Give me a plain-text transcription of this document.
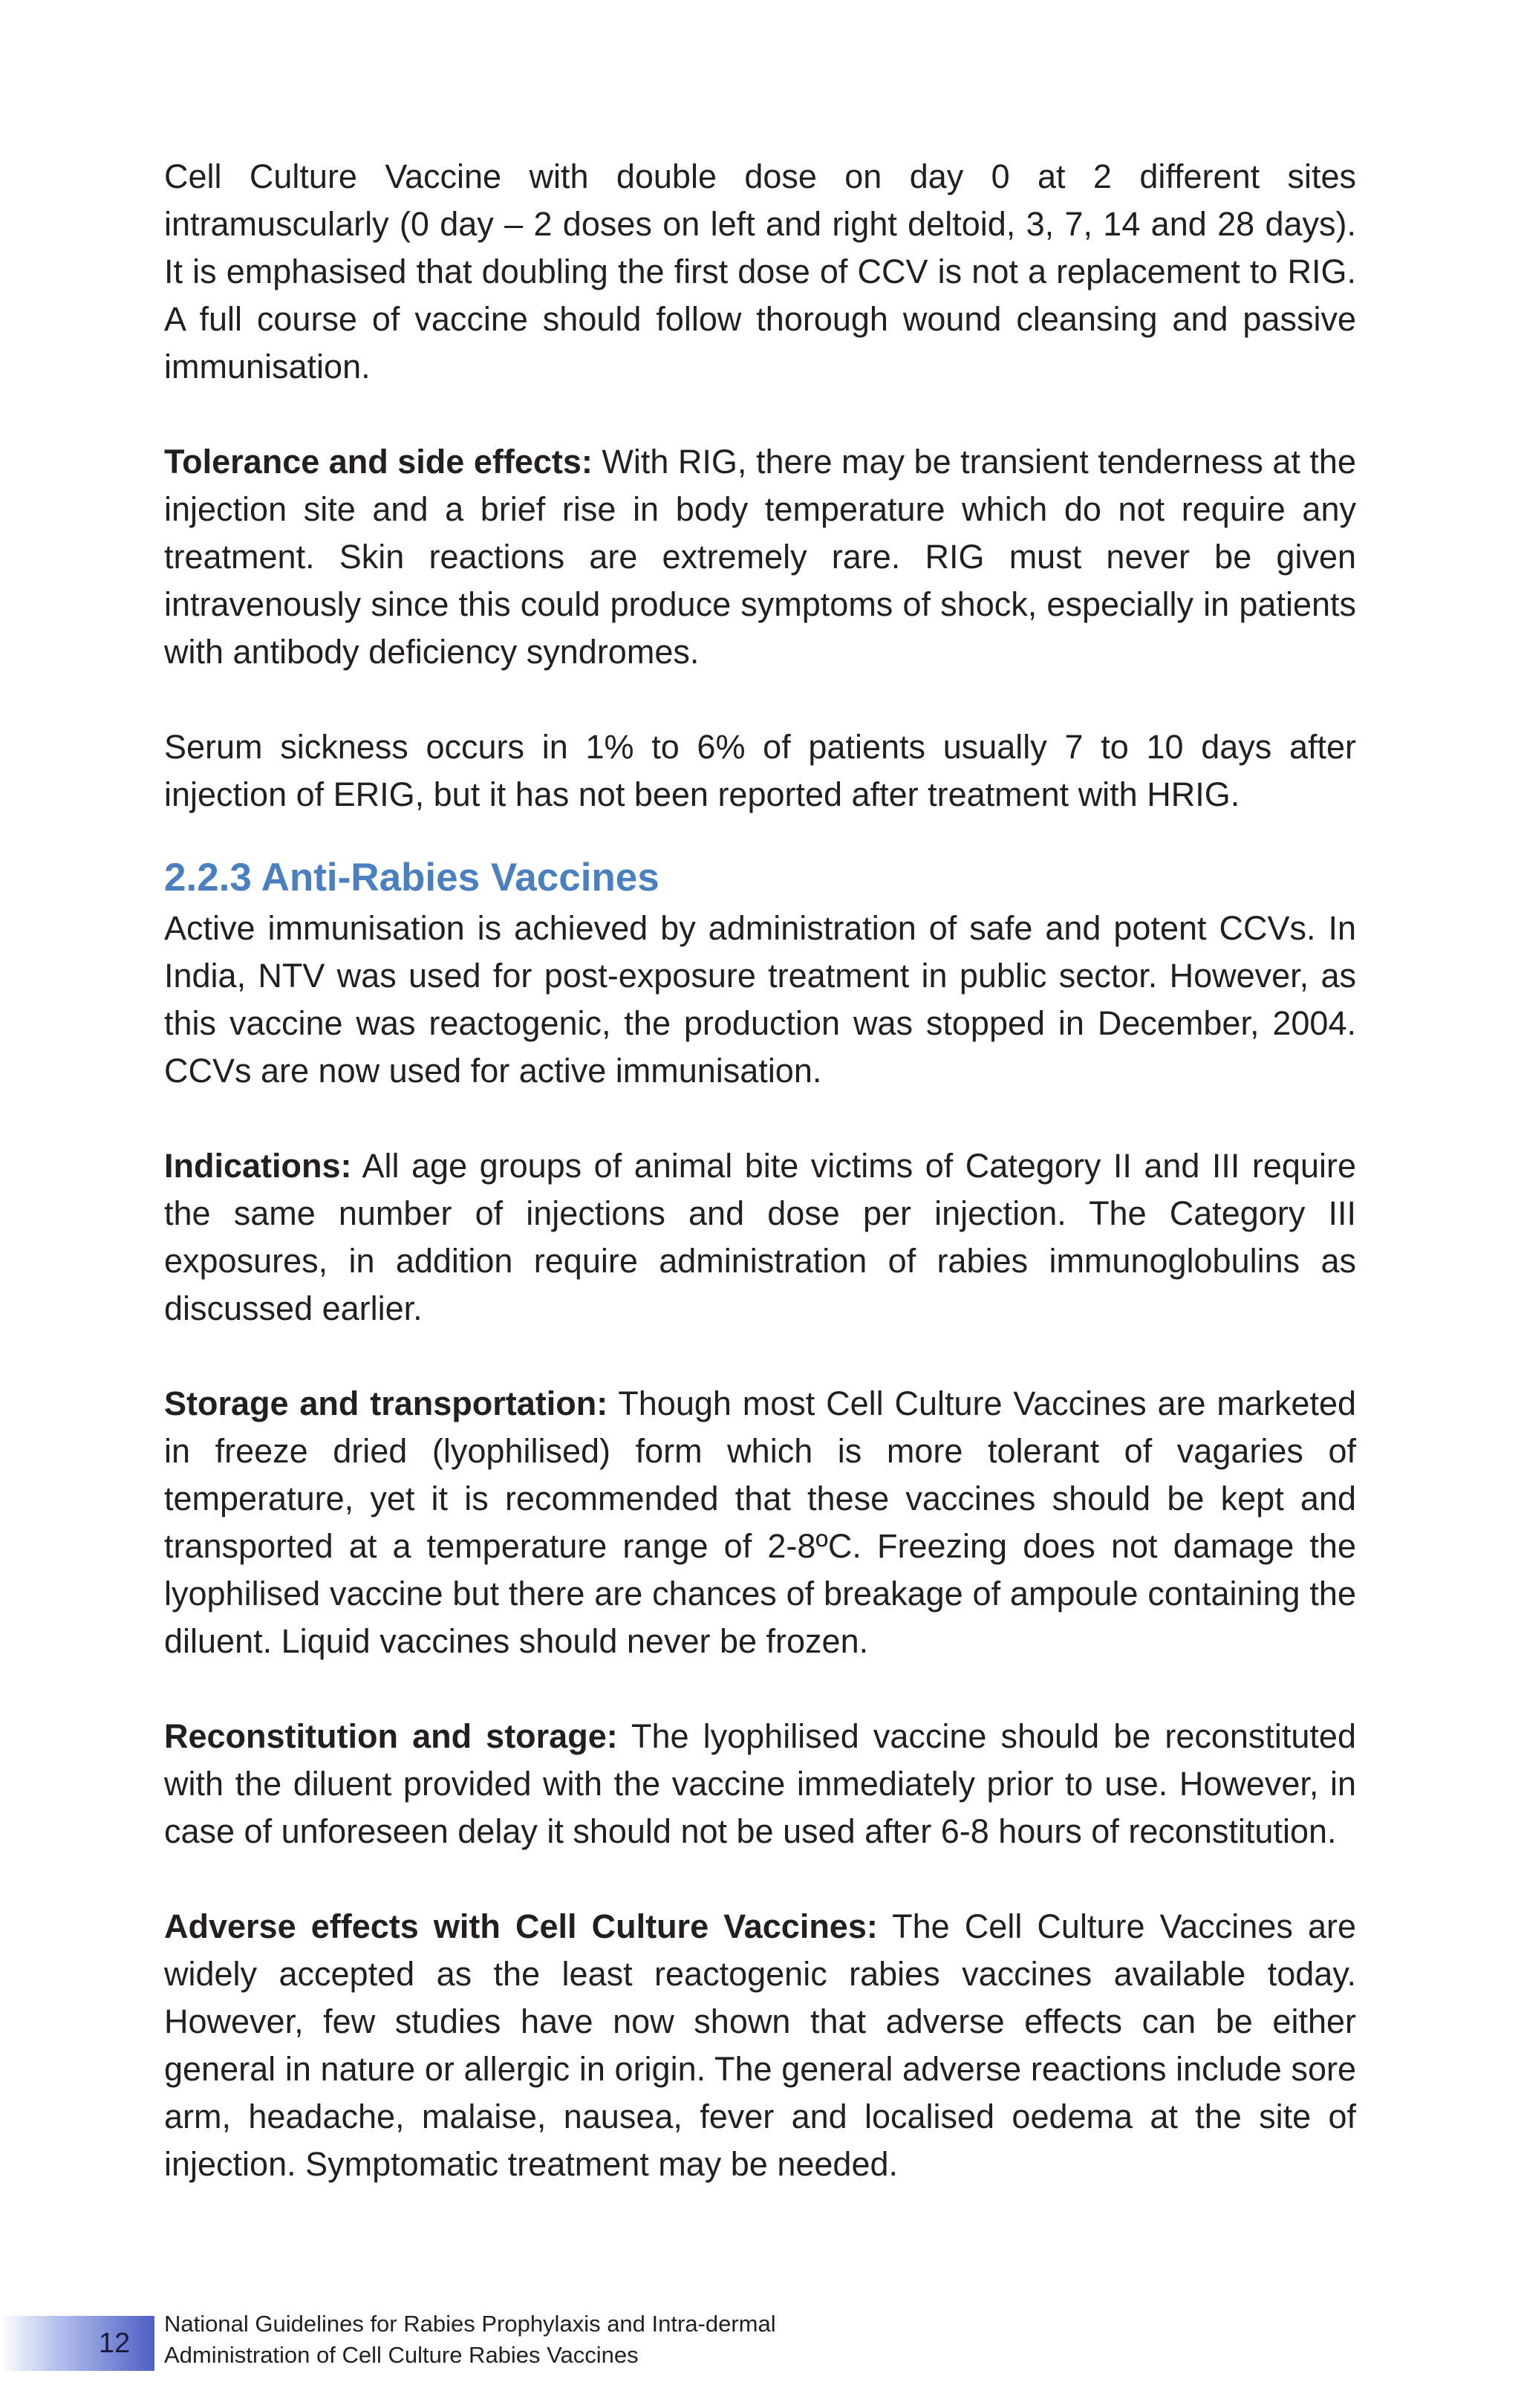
Cell Culture Vaccine with double dose on day 0 at 2 different sites intramuscularly (0 day – 2 doses on left and right deltoid, 3, 7, 14 and 28 days). It is emphasised that doubling the first dose of CCV is not a replacement to RIG. A full course of vaccine should follow thorough wound cleansing and passive immunisation.

Tolerance and side effects: With RIG, there may be transient tenderness at the injection site and a brief rise in body temperature which do not require any treatment. Skin reactions are extremely rare. RIG must never be given intravenously since this could produce symptoms of shock, especially in patients with antibody deficiency syndromes.

Serum sickness occurs in 1% to 6% of patients usually 7 to 10 days after injection of ERIG, but it has not been reported after treatment with HRIG.

2.2.3 Anti-Rabies Vaccines

Active immunisation is achieved by administration of safe and potent CCVs. In India, NTV was used for post-exposure treatment in public sector. However, as this vaccine was reactogenic, the production was stopped in December, 2004. CCVs are now used for active immunisation.

Indications: All age groups of animal bite victims of Category II and III require the same number of injections and dose per injection. The Category III exposures, in addition require administration of rabies immunoglobulins as discussed earlier.

Storage and transportation: Though most Cell Culture Vaccines are marketed in freeze dried (lyophilised) form which is more tolerant of vagaries of temperature, yet it is recommended that these vaccines should be kept and transported at a temperature range of 2-8ºC. Freezing does not damage the lyophilised vaccine but there are chances of breakage of ampoule containing the diluent. Liquid vaccines should never be frozen.

Reconstitution and storage: The lyophilised vaccine should be reconstituted with the diluent provided with the vaccine immediately prior to use. However, in case of unforeseen delay it should not be used after 6-8 hours of reconstitution.

Adverse effects with Cell Culture Vaccines: The Cell Culture Vaccines are widely accepted as the least reactogenic rabies vaccines available today. However, few studies have now shown that adverse effects can be either general in nature or allergic in origin. The general adverse reactions include sore arm, headache, malaise, nausea, fever and localised oedema at the site of injection. Symptomatic treatment may be needed.

12
National Guidelines for Rabies Prophylaxis and Intra-dermal
Administration of Cell Culture Rabies Vaccines
